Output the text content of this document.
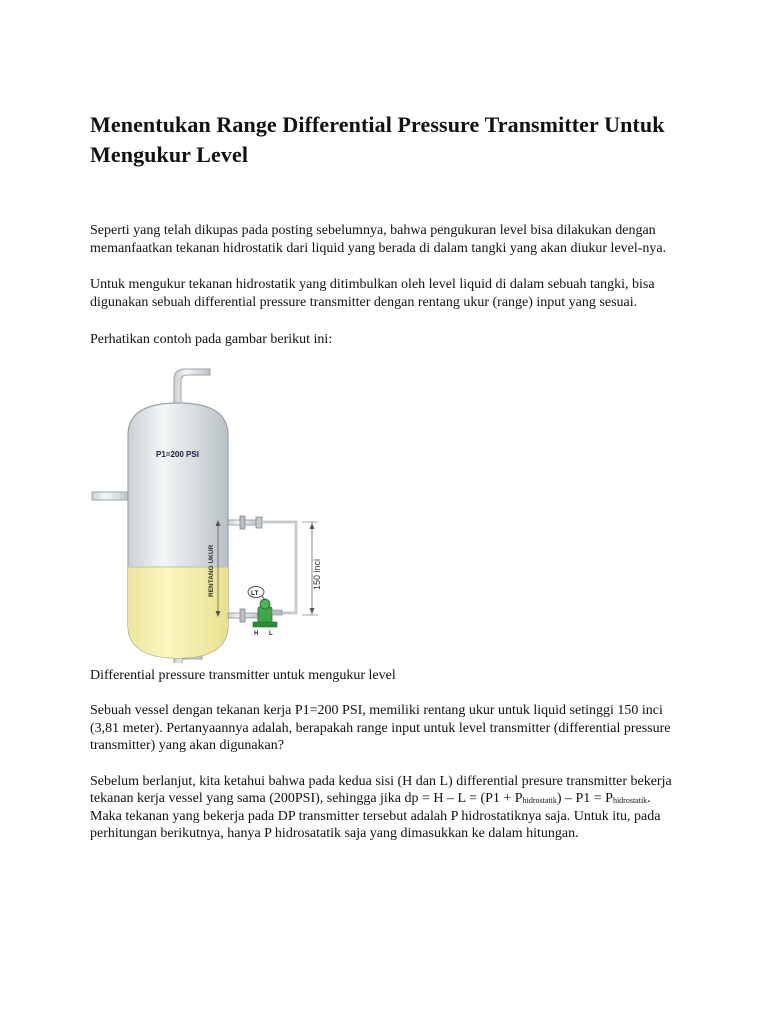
Menentukan Range Differential Pressure Transmitter Untuk Mengukur Level

Seperti yang telah dikupas pada posting sebelumnya, bahwa pengukuran level bisa dilakukan dengan memanfaatkan tekanan hidrostatik dari liquid yang berada di dalam tangki yang akan diukur level-nya.

Untuk mengukur tekanan hidrostatik yang ditimbulkan oleh level liquid di dalam sebuah tangki, bisa digunakan sebuah differential pressure transmitter dengan rentang ukur (range) input yang sesuai.

Perhatikan contoh pada gambar berikut ini:

P1=200 PSI
RENTANG UKUR	150 inci
LT
H L

Differential pressure transmitter untuk mengukur level

Sebuah vessel dengan tekanan kerja P1=200 PSI, memiliki rentang ukur untuk liquid setinggi 150 inci (3,81 meter). Pertanyaannya adalah, berapakah range input untuk level transmitter (differential pressure transmitter) yang akan digunakan?

Sebelum berlanjut, kita ketahui bahwa pada kedua sisi (H dan L) differential presure transmitter bekerja tekanan kerja vessel yang sama (200PSI), sehingga jika dp = $H - L = (P1 + P_{hidrostatik}) - P1 = P_{hidrostatik}$. Maka tekanan yang bekerja pada DP transmitter tersebut adalah P hidrostatiknya saja. Untuk itu, pada perhitungan berikutnya, hanya P hidrosatatik saja yang dimasukkan ke dalam hitungan.
